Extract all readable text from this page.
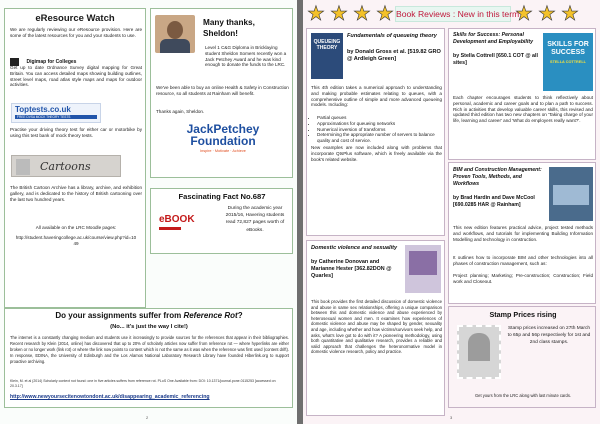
eResource Watch
We are regularly reviewing our eResource provision. Here are some of the latest resources for you and your students to use.
Digimap for Colleges
Get up to date Ordnance Survey digital mapping for Great Britain. You can access detailed maps showing building outlines, street level maps, road atlas style maps and maps for outdoor activities.
Toptests.co.uk
FREE DVSA MOCK THEORY TESTS
Practise your driving theory test for either car or motorbike by using this test bank of mock theory tests.
Cartoons
The British Cartoon Archive has a library, archive, and exhibition gallery, and is dedicated to the history of British cartooning over the last two hundred years.
All available on the LRC Moodle pages:
http://student.haveringcollege.ac.uk/course/view.php?id=1049
Many thanks, Sheldon!
Level 1 C&G Diploma in Bricklaying student Sheldon Somers recently won a Jack Petchey Award and he was kind enough to donate the funds to the LRC.
We've been able to buy an online Health & Safety in Construction resource, so all students at Rainham will benefit.
Thanks again, Sheldon.
JackPetchey
Foundation
Inspire · Motivate · Achieve
Fascinating Fact No.687
eBOOK
During the academic year 2015/16, Havering students read 72,827 pages worth of eBooks.
Do your assignments suffer from Reference Rot?
(No... it's just the way I cite!)
The internet is a constantly changing medium and students use it increasingly to provide sources for the references that appear in their bibliographies. Recent research by Klein (2014, online) has discovered that up to 20% of scholarly articles now suffer from reference rot — where hyperlinks are either broken or no longer work (link rot) or where the link now points to content which is not the same as it was when the reference was first used (content drift). In response, EDINA, the University of Edinburgh and the Los Alamos National Laboratory Research Library have founded Hiberlink.org to support proactive archiving.
Klein, M. et al (2014) Scholarly context not found: one in five articles suffers from reference rot. PLoS One Available from: DOI: 10.1371/journal.pone.0115253 [accessed on 20.3.17]
http://www.newyoursecitenowtondont.ac.uk/disappearing_academic_referencing
2
★ ★ ★ ★	★ ★ ★
Book Reviews : New in this term
QUEUEING THEORY
Fundamentals of queueing theory
by Donald Gross et al. [519.82 GRO @ Ardleigh Green]
This 4th edition takes a numerical approach to understanding and making probable estimates relating to queues, with a comprehensive outline of simple and more advanced queueing models. Including:
• Partial queues
• Approximations for queueing networks
• Numerical inversion of transforms
• Determining the appropriate number of servers to balance quality and cost of service.
New examples are now included along with problems that incorporate QtsPlus software, which is freely available via the book's related website.
Skills for Success: Personal Development and Employability
by Stella Cottrell [650.1 COT @ all sites]
SKILLS FOR SUCCESS
STELLA COTTRELL
Each chapter encourages students to think reflectively about personal, academic and career goals and to plan a path to success. Rich in activities that develop valuable career skills, this revised and updated third edition has two new chapters on 'Taking charge of your life, learning and career' and 'What do employers really want?'.
Domestic violence and sexuality
by Catherine Donovan and Marianne Hester [362.82DON @ Quarles]
This book provides the first detailed discussion of domestic violence and abuse in same sex relationships, offering a unique comparison between this and domestic violence and abuse experienced by heterosexual women and men. It examines how experiences of domestic violence and abuse may be shaped by gender, sexuality and age, including whether and how victims/survivors seek help, and asks, what's love got to do with it? A pioneering methodology, using both quantitative and qualitative research, provides a reliable and valid approach that challenges the heteronormative model in domestic violence research, policy and practice.
BIM and Construction Management: Proven Tools, Methods, and Workflows
by Brad Hardin and Dave McCool [690.0285 HAR @ Rainham]
This new edition features practical advice, project tested methods and workflows, and tutorials for implementing Building Information Modelling and technology in construction.
It outlines how to incorporate BIM and other technologies into all phases of construction management, such as:
Project planning; Marketing; Pre-construction; Construction; Field work and Closeout.
Stamp Prices rising
Stamp prices increased on 27th March to 65p and 56p respectively for 1st and 2nd class stamps.
Get yours from the LRC along with last minute cards.
3
